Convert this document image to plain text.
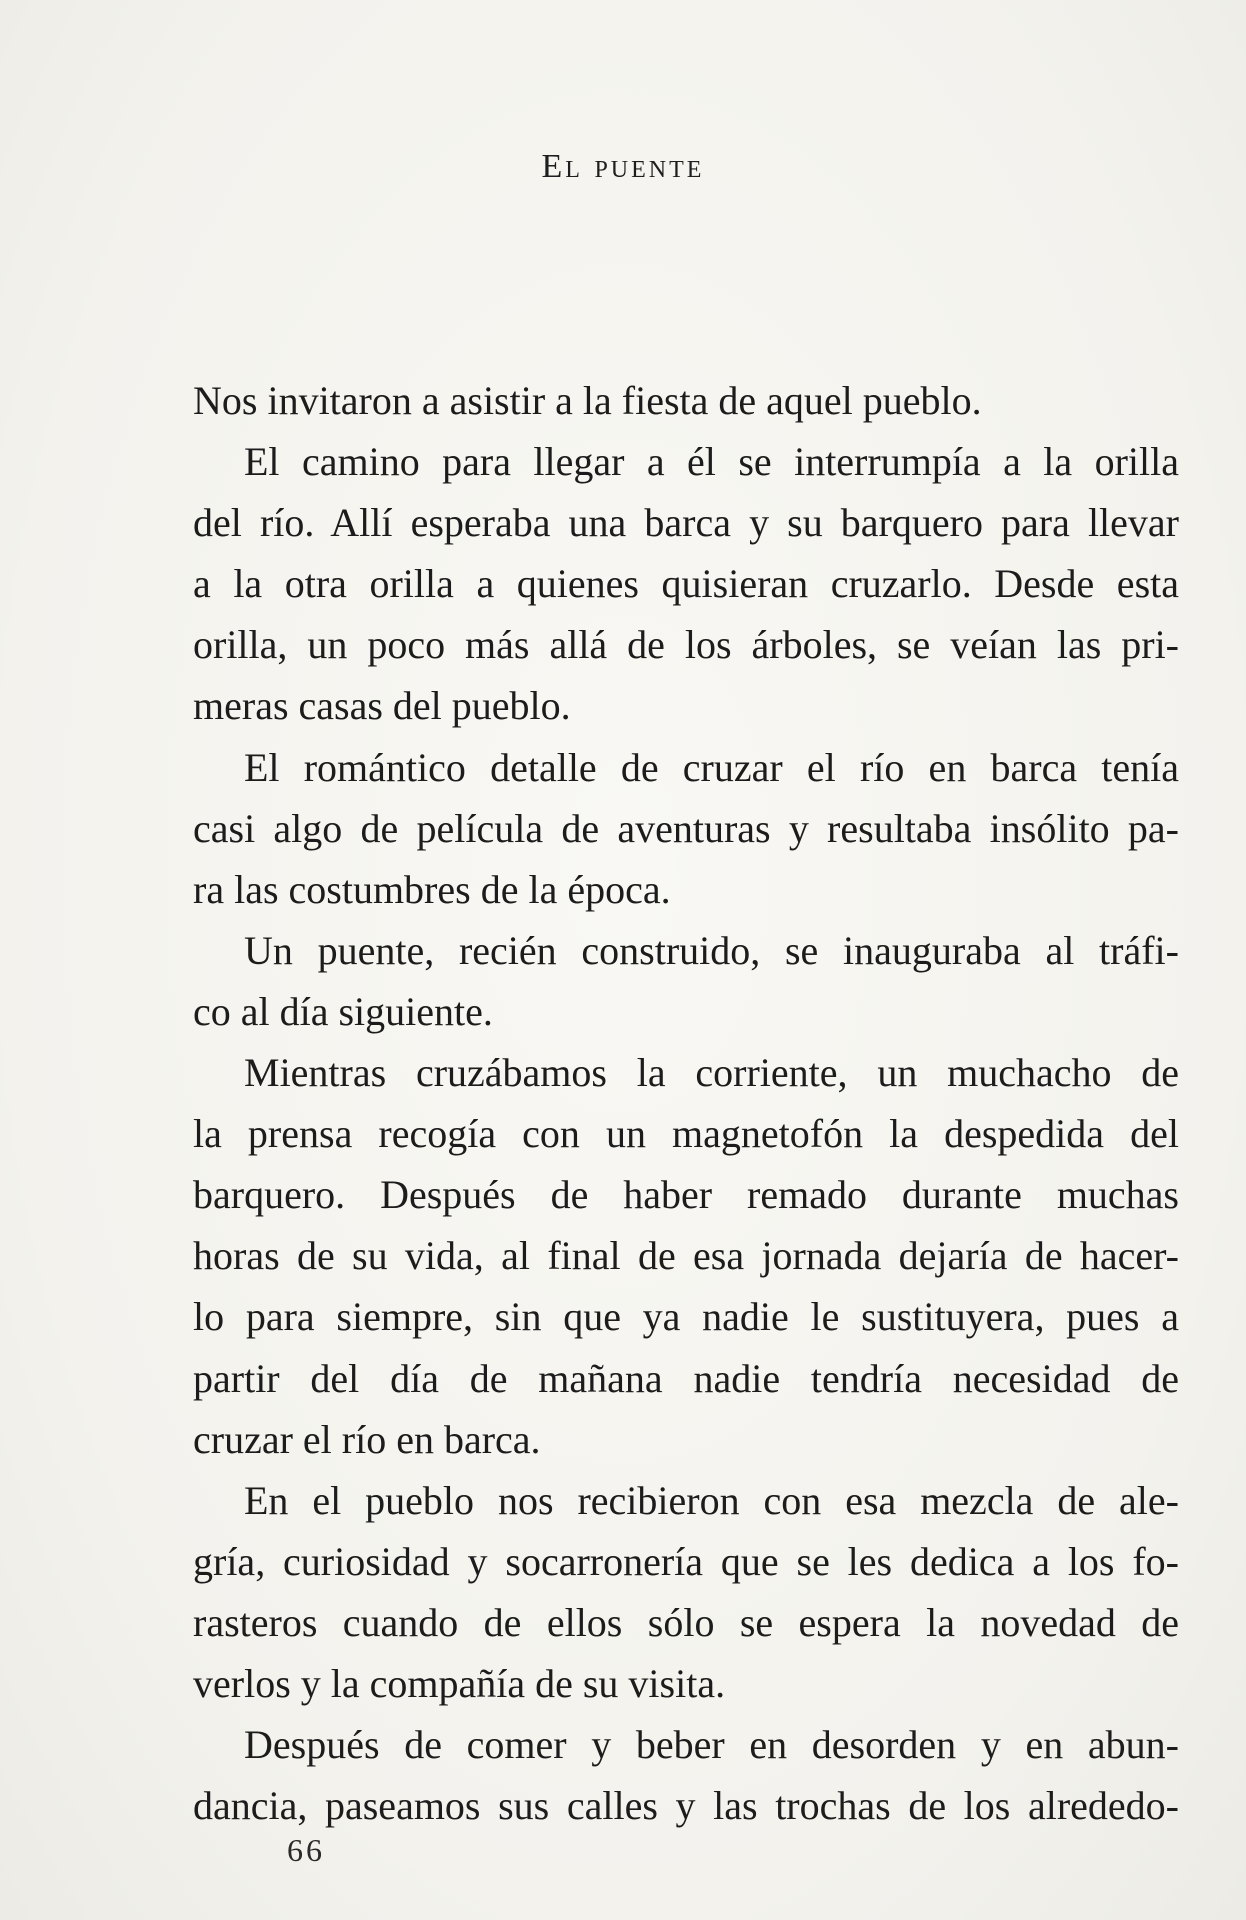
El puente
Nos invitaron a asistir a la fiesta de aquel pueblo.
El camino para llegar a él se interrumpía a la orilla
del río. Allí esperaba una barca y su barquero para llevar
a la otra orilla a quienes quisieran cruzarlo. Desde esta
orilla, un poco más allá de los árboles, se veían las pri-
meras casas del pueblo.
El romántico detalle de cruzar el río en barca tenía
casi algo de película de aventuras y resultaba insólito pa-
ra las costumbres de la época.
Un puente, recién construido, se inauguraba al tráfi-
co al día siguiente.
Mientras cruzábamos la corriente, un muchacho de
la prensa recogía con un magnetofón la despedida del
barquero. Después de haber remado durante muchas
horas de su vida, al final de esa jornada dejaría de hacer-
lo para siempre, sin que ya nadie le sustituyera, pues a
partir del día de mañana nadie tendría necesidad de
cruzar el río en barca.
En el pueblo nos recibieron con esa mezcla de ale-
gría, curiosidad y socarronería que se les dedica a los fo-
rasteros cuando de ellos sólo se espera la novedad de
verlos y la compañía de su visita.
Después de comer y beber en desorden y en abun-
dancia, paseamos sus calles y las trochas de los alrededo-
66
